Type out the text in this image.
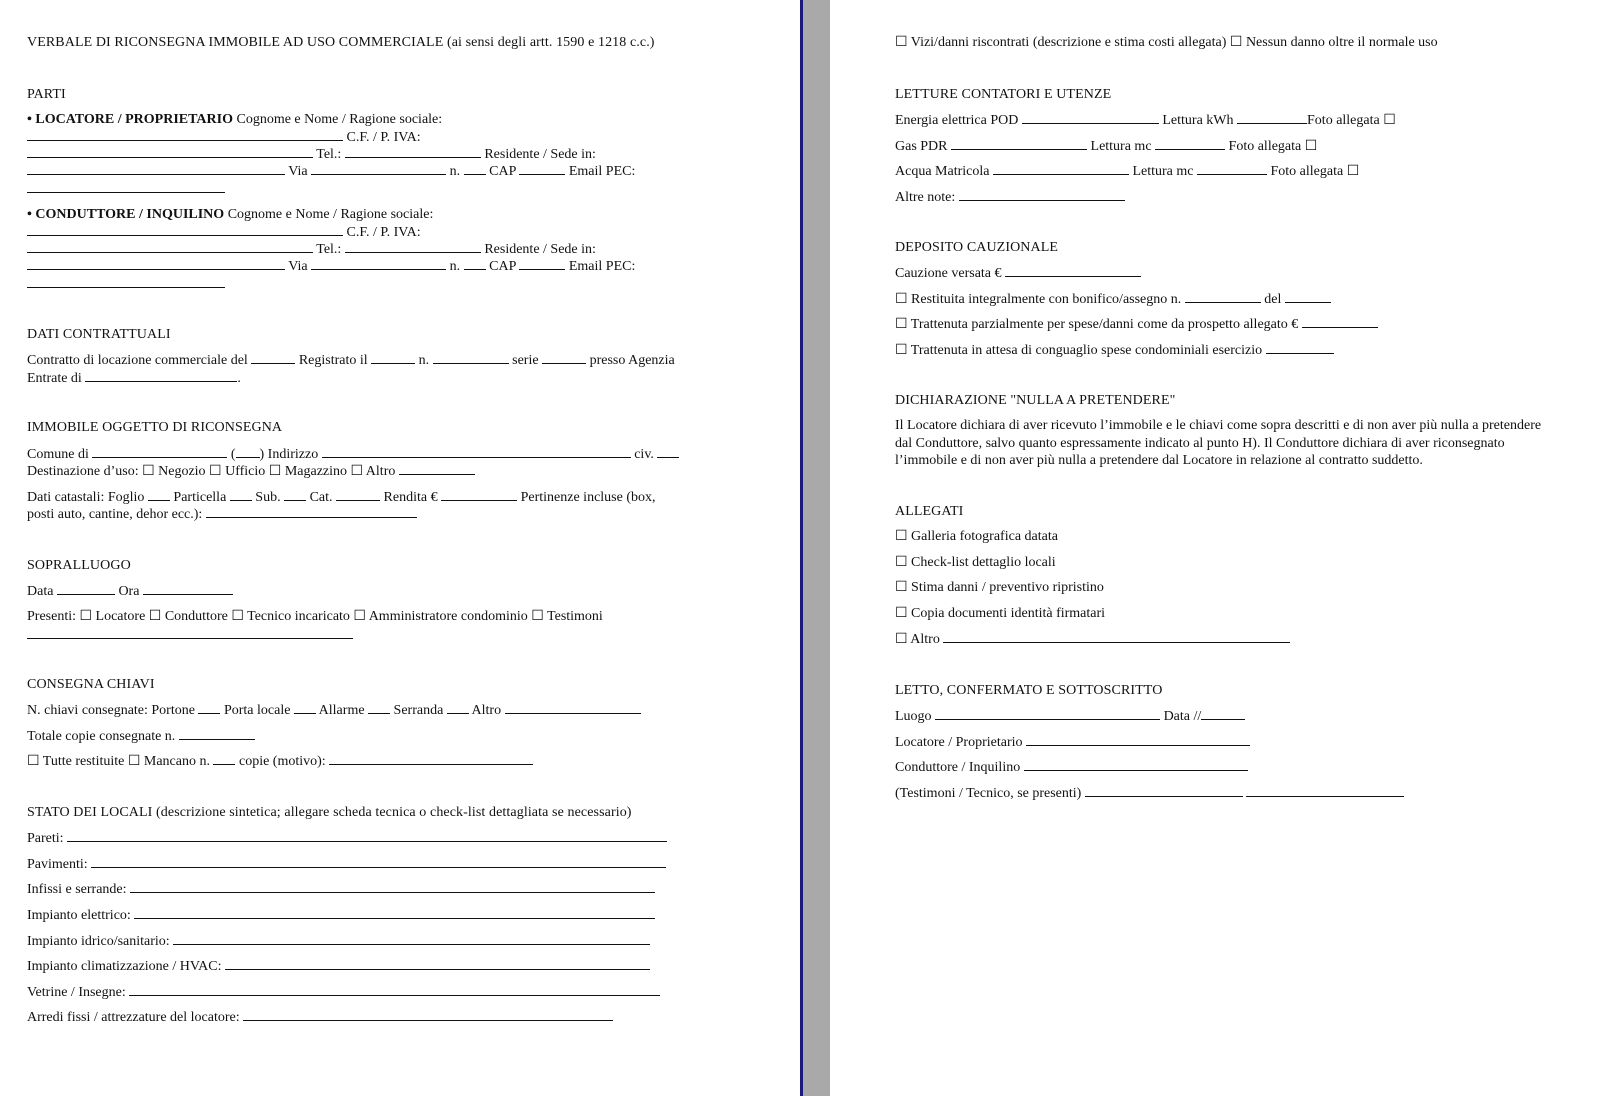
VERBALE DI RICONSEGNA IMMOBILE AD USO COMMERCIALE (ai sensi degli artt. 1590 e 1218 c.c.)
PARTI
• LOCATORE / PROPRIETARIO Cognome e Nome / Ragione sociale:
C.F. / P. IVA:
Tel.:	Residente / Sede in:
Via	n. CAP	Email PEC:
• CONDUTTORE / INQUILINO Cognome e Nome / Ragione sociale:
C.F. / P. IVA:
Tel.:	Residente / Sede in:
Via	n. CAP	Email PEC:
DATI CONTRATTUALI
Contratto di locazione commerciale del	Registrato il	n.	serie	presso Agenzia
Entrate di	.
IMMOBILE OGGETTO DI RICONSEGNA
Comune di	( ) Indirizzo	civ.
Destinazione d’uso: ☐ Negozio ☐ Ufficio ☐ Magazzino ☐ Altro
Dati catastali: Foglio Particella Sub. Cat.	Rendita €	Pertinenze incluse (box,
posti auto, cantine, dehor ecc.):
SOPRALLUOGO
Data	Ora
Presenti: ☐ Locatore ☐ Conduttore ☐ Tecnico incaricato ☐ Amministratore condominio ☐ Testimoni
CONSEGNA CHIAVI
N. chiavi consegnate: Portone Porta locale Allarme Serranda Altro
Totale copie consegnate n.
☐ Tutte restituite ☐ Mancano n. copie (motivo):
STATO DEI LOCALI (descrizione sintetica; allegare scheda tecnica o check-list dettagliata se necessario)
Pareti:
Pavimenti:
Infissi e serrande:
Impianto elettrico:
Impianto idrico/sanitario:
Impianto climatizzazione / HVAC:
Vetrine / Insegne:
Arredi fissi / attrezzature del locatore:
☐ Vizi/danni riscontrati (descrizione e stima costi allegata) ☐ Nessun danno oltre il normale uso
LETTURE CONTATORI E UTENZE
Energia elettrica POD	Lettura kWh	Foto allegata ☐
Gas PDR	Lettura mc	Foto allegata ☐
Acqua Matricola	Lettura mc	Foto allegata ☐
Altre note:
DEPOSITO CAUZIONALE
Cauzione versata €
☐ Restituita integralmente con bonifico/assegno n.	del
☐ Trattenuta parzialmente per spese/danni come da prospetto allegato €
☐ Trattenuta in attesa di conguaglio spese condominiali esercizio
DICHIARAZIONE "NULLA A PRETENDERE"
Il Locatore dichiara di aver ricevuto l’immobile e le chiavi come sopra descritti e di non aver più nulla a pretendere dal Conduttore, salvo quanto espressamente indicato al punto H). Il Conduttore dichiara di aver riconsegnato l’immobile e di non aver più nulla a pretendere dal Locatore in relazione al contratto suddetto.
ALLEGATI
☐ Galleria fotografica datata
☐ Check-list dettaglio locali
☐ Stima danni / preventivo ripristino
☐ Copia documenti identità firmatari
☐ Altro
LETTO, CONFERMATO E SOTTOSCRITTO
Luogo	Data //
Locatore / Proprietario
Conduttore / Inquilino
(Testimoni / Tecnico, se presenti)
